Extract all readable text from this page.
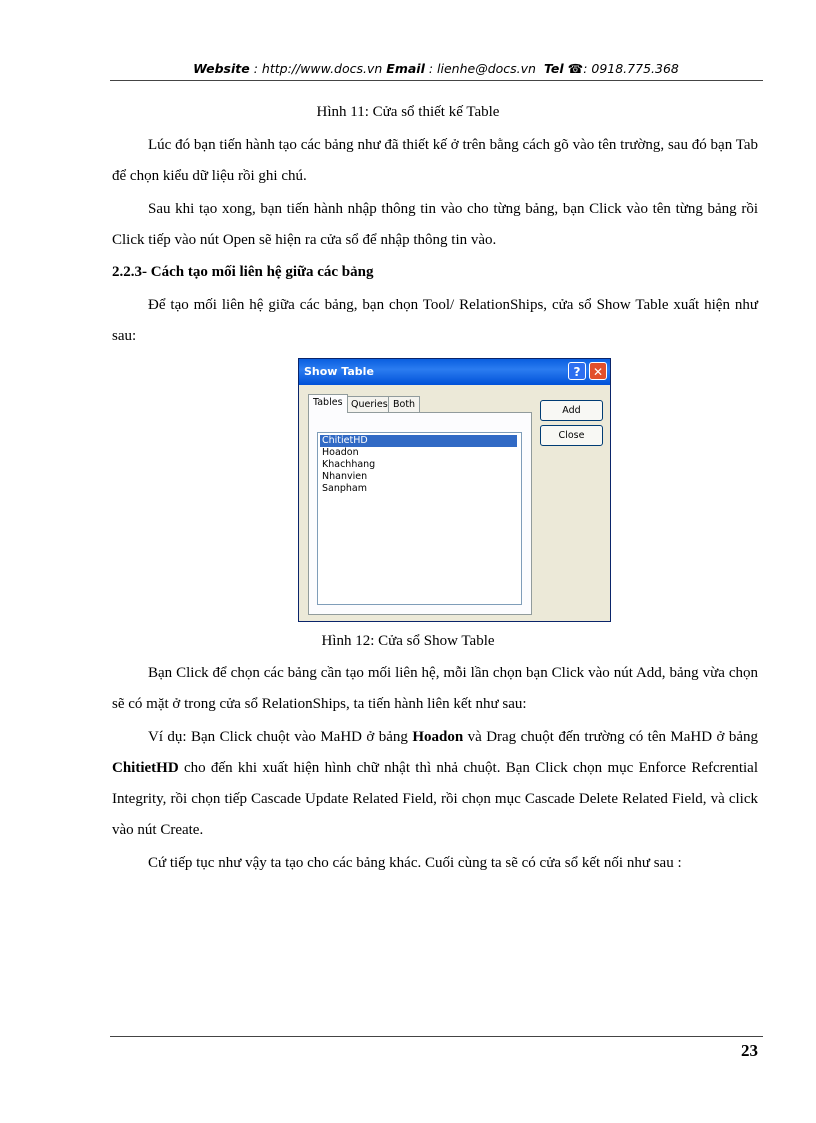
Website : http://www.docs.vn Email : lienhe@docs.vn Tel ☎: 0918.775.368
Hình 11: Cửa sổ thiết kế Table

Lúc đó bạn tiến hành tạo các bảng như đã thiết kế ở trên bằng cách gõ vào tên trường, sau đó bạn Tab để chọn kiểu dữ liệu rồi ghi chú.

Sau khi tạo xong, bạn tiến hành nhập thông tin vào cho từng bảng, bạn Click vào tên từng bảng rồi Click tiếp vào nút Open sẽ hiện ra cửa sổ để nhập thông tin vào.

2.2.3- Cách tạo mối liên hệ giữa các bảng

Để tạo mối liên hệ giữa các bảng, bạn chọn Tool/ RelationShips, cửa sổ Show Table xuất hiện như sau:

Show Table	?	✕
Tables Queries Both
ChitietHD
Hoadon
Khachhang
Nhanvien
Sanpham
Add
Close
Hình 12: Cửa sổ Show Table

Bạn Click để chọn các bảng cần tạo mối liên hệ, mỗi lần chọn bạn Click vào nút Add, bảng vừa chọn sẽ có mặt ở trong cửa sổ RelationShips, ta tiến hành liên kết như sau:

Ví dụ: Bạn Click chuột vào MaHD ở bảng Hoadon và Drag chuột đến trường có tên MaHD ở bảng ChitietHD cho đến khi xuất hiện hình chữ nhật thì nhả chuột. Bạn Click chọn mục Enforce Refcrential Integrity, rồi chọn tiếp Cascade Update Related Field, rồi chọn mục Cascade Delete Related Field, và click vào nút Create.

Cứ tiếp tục như vậy ta tạo cho các bảng khác. Cuối cùng ta sẽ có cửa sổ kết nối như sau :

23
